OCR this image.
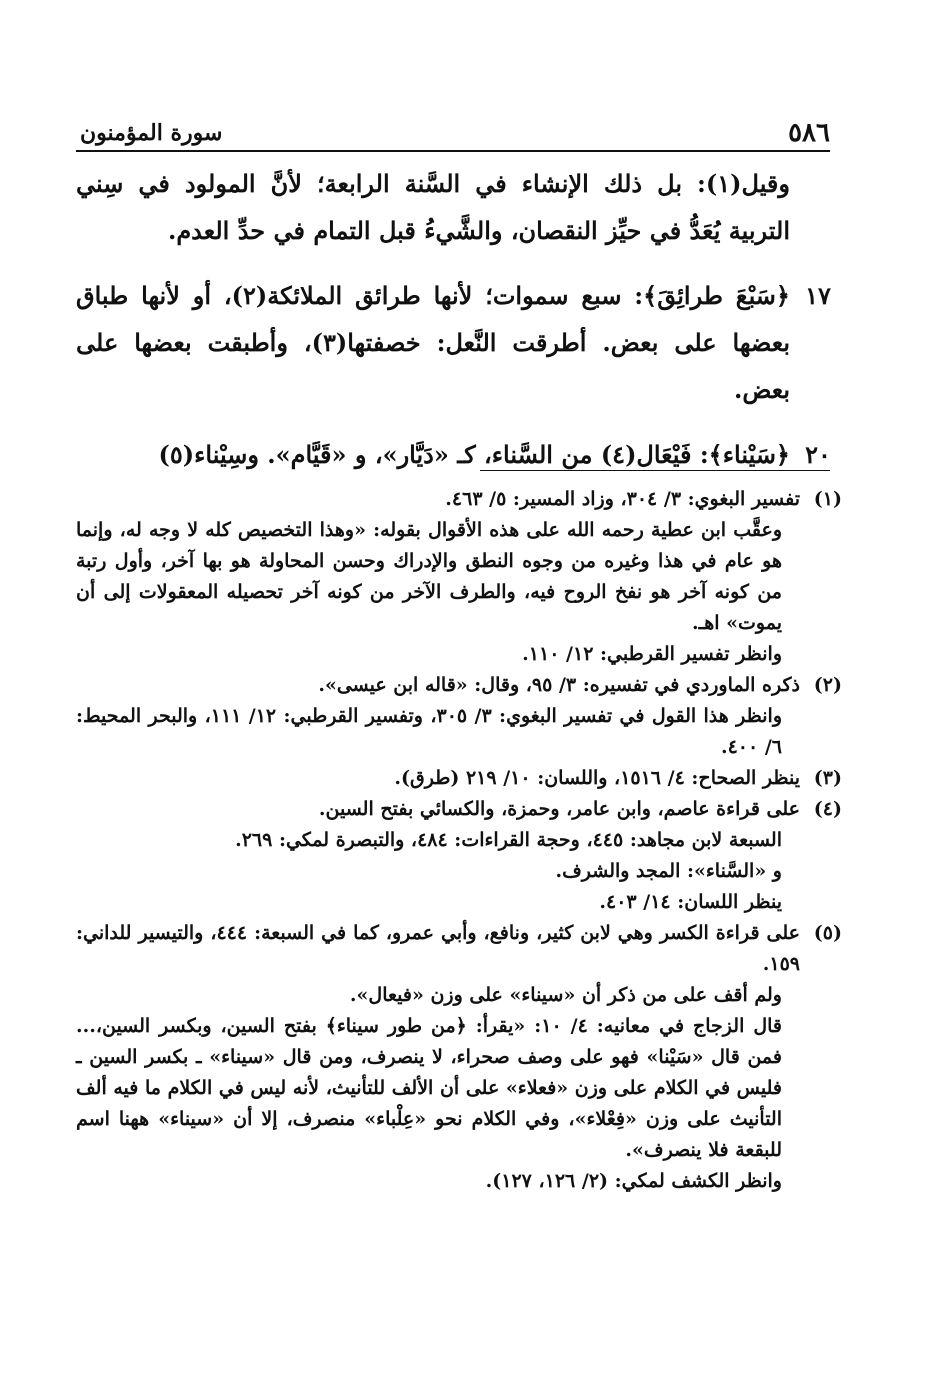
٥٨٦
سورة المؤمنون

وقيل(١): بل ذلك الإنشاء في السَّنة الرابعة؛ لأنَّ المولود في سِني التربية يُعَدُّ في حيِّز النقصان، والشَّيءُ قبل التمام في حدِّ العدم.

١٧

﴿سَبْعَ طرائِقَ﴾: سبع سموات؛ لأنها طرائق الملائكة(٢)، أو لأنها طباق بعضها على بعض. أطرقت النَّعل: خصفتها(٣)، وأطبقت بعضها على بعض.

٢٠

﴿سَيْناء﴾: فَيْعَال(٤) من السَّناء، كـ «دَيَّار»، و «قَيَّام». وسِيْناء(٥)

(١)
تفسير البغوي: ٣/ ٣٠٤، وزاد المسير: ٥/ ٤٦٣.
وعقَّب ابن عطية رحمه الله على هذه الأقوال بقوله: «وهذا التخصيص كله لا وجه له، وإنما هو عام في هذا وغيره من وجوه النطق والإدراك وحسن المحاولة هو بها آخر، وأول رتبة من كونه آخر هو نفخ الروح فيه، والطرف الآخر من كونه آخر تحصيله المعقولات إلى أن يموت» اهـ.
وانظر تفسير القرطبي: ١٢/ ١١٠.
(٢)
ذكره الماوردي في تفسيره: ٣/ ٩٥، وقال: «قاله ابن عيسى».
وانظر هذا القول في تفسير البغوي: ٣/ ٣٠٥، وتفسير القرطبي: ١٢/ ١١١، والبحر المحيط: ٦/ ٤٠٠.
(٣)
ينظر الصحاح: ٤/ ١٥١٦، واللسان: ١٠/ ٢١٩ (طرق).
(٤)
على قراءة عاصم، وابن عامر، وحمزة، والكسائي بفتح السين.
السبعة لابن مجاهد: ٤٤٥، وحجة القراءات: ٤٨٤، والتبصرة لمكي: ٢٦٩.
و «السَّناء»: المجد والشرف.
ينظر اللسان: ١٤/ ٤٠٣.
(٥)
على قراءة الكسر وهي لابن كثير، ونافع، وأبي عمرو، كما في السبعة: ٤٤٤، والتيسير للداني: ١٥٩.
ولم أقف على من ذكر أن «سيناء» على وزن «فيعال».
قال الزجاج في معانيه: ٤/ ١٠: «يقرأ: ﴿من طور سيناء﴾ بفتح السين، وبكسر السين،... فمن قال «سَيْنا» فهو على وصف صحراء، لا ينصرف، ومن قال «سيناء» ـ بكسر السين ـ فليس في الكلام على وزن «فعلاء» على أن الألف للتأنيث، لأنه ليس في الكلام ما فيه ألف التأنيث على وزن «فِعْلاء»، وفي الكلام نحو «عِلْباء» منصرف، إلا أن «سيناء» ههنا اسم للبقعة فلا ينصرف».
وانظر الكشف لمكي: (٢/ ١٢٦، ١٢٧).
